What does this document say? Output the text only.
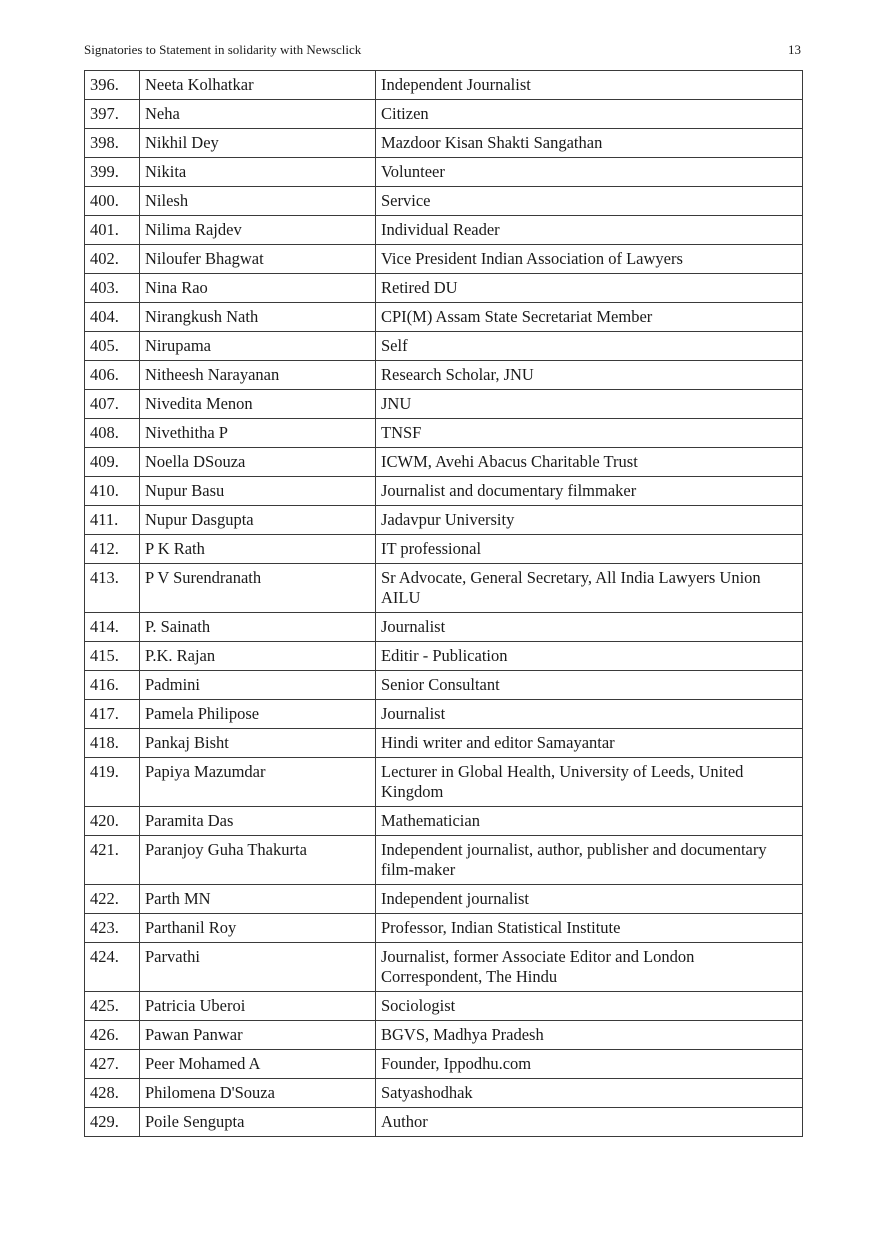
Signatories to Statement in solidarity with Newsclick	13
396.	Neeta Kolhatkar	Independent Journalist
397.	Neha	Citizen
398.	Nikhil Dey	Mazdoor Kisan Shakti Sangathan
399.	Nikita	Volunteer
400.	Nilesh	Service
401.	Nilima Rajdev	Individual Reader
402.	Niloufer Bhagwat	Vice President Indian Association of Lawyers
403.	Nina Rao	Retired DU
404.	Nirangkush Nath	CPI(M) Assam State Secretariat Member
405.	Nirupama	Self
406.	Nitheesh Narayanan	Research Scholar, JNU
407.	Nivedita Menon	JNU
408.	Nivethitha P	TNSF
409.	Noella DSouza	ICWM, Avehi Abacus Charitable Trust
410.	Nupur Basu	Journalist and documentary filmmaker
411.	Nupur Dasgupta	Jadavpur University
412.	P K Rath	IT professional
413.	P V Surendranath	Sr Advocate, General Secretary, All India Lawyers Union AILU
414.	P. Sainath	Journalist
415.	P.K. Rajan	Editir - Publication
416.	Padmini	Senior Consultant
417.	Pamela Philipose	Journalist
418.	Pankaj Bisht	Hindi writer and editor Samayantar
419.	Papiya Mazumdar	Lecturer in Global Health, University of Leeds, United Kingdom
420.	Paramita Das	Mathematician
421.	Paranjoy Guha Thakurta	Independent journalist, author, publisher and documentary film-maker
422.	Parth MN	Independent journalist
423.	Parthanil Roy	Professor, Indian Statistical Institute
424.	Parvathi	Journalist, former Associate Editor and London Correspondent, The Hindu
425.	Patricia Uberoi	Sociologist
426.	Pawan Panwar	BGVS, Madhya Pradesh
427.	Peer Mohamed A	Founder, Ippodhu.com
428.	Philomena D'Souza	Satyashodhak
429.	Poile Sengupta	Author
